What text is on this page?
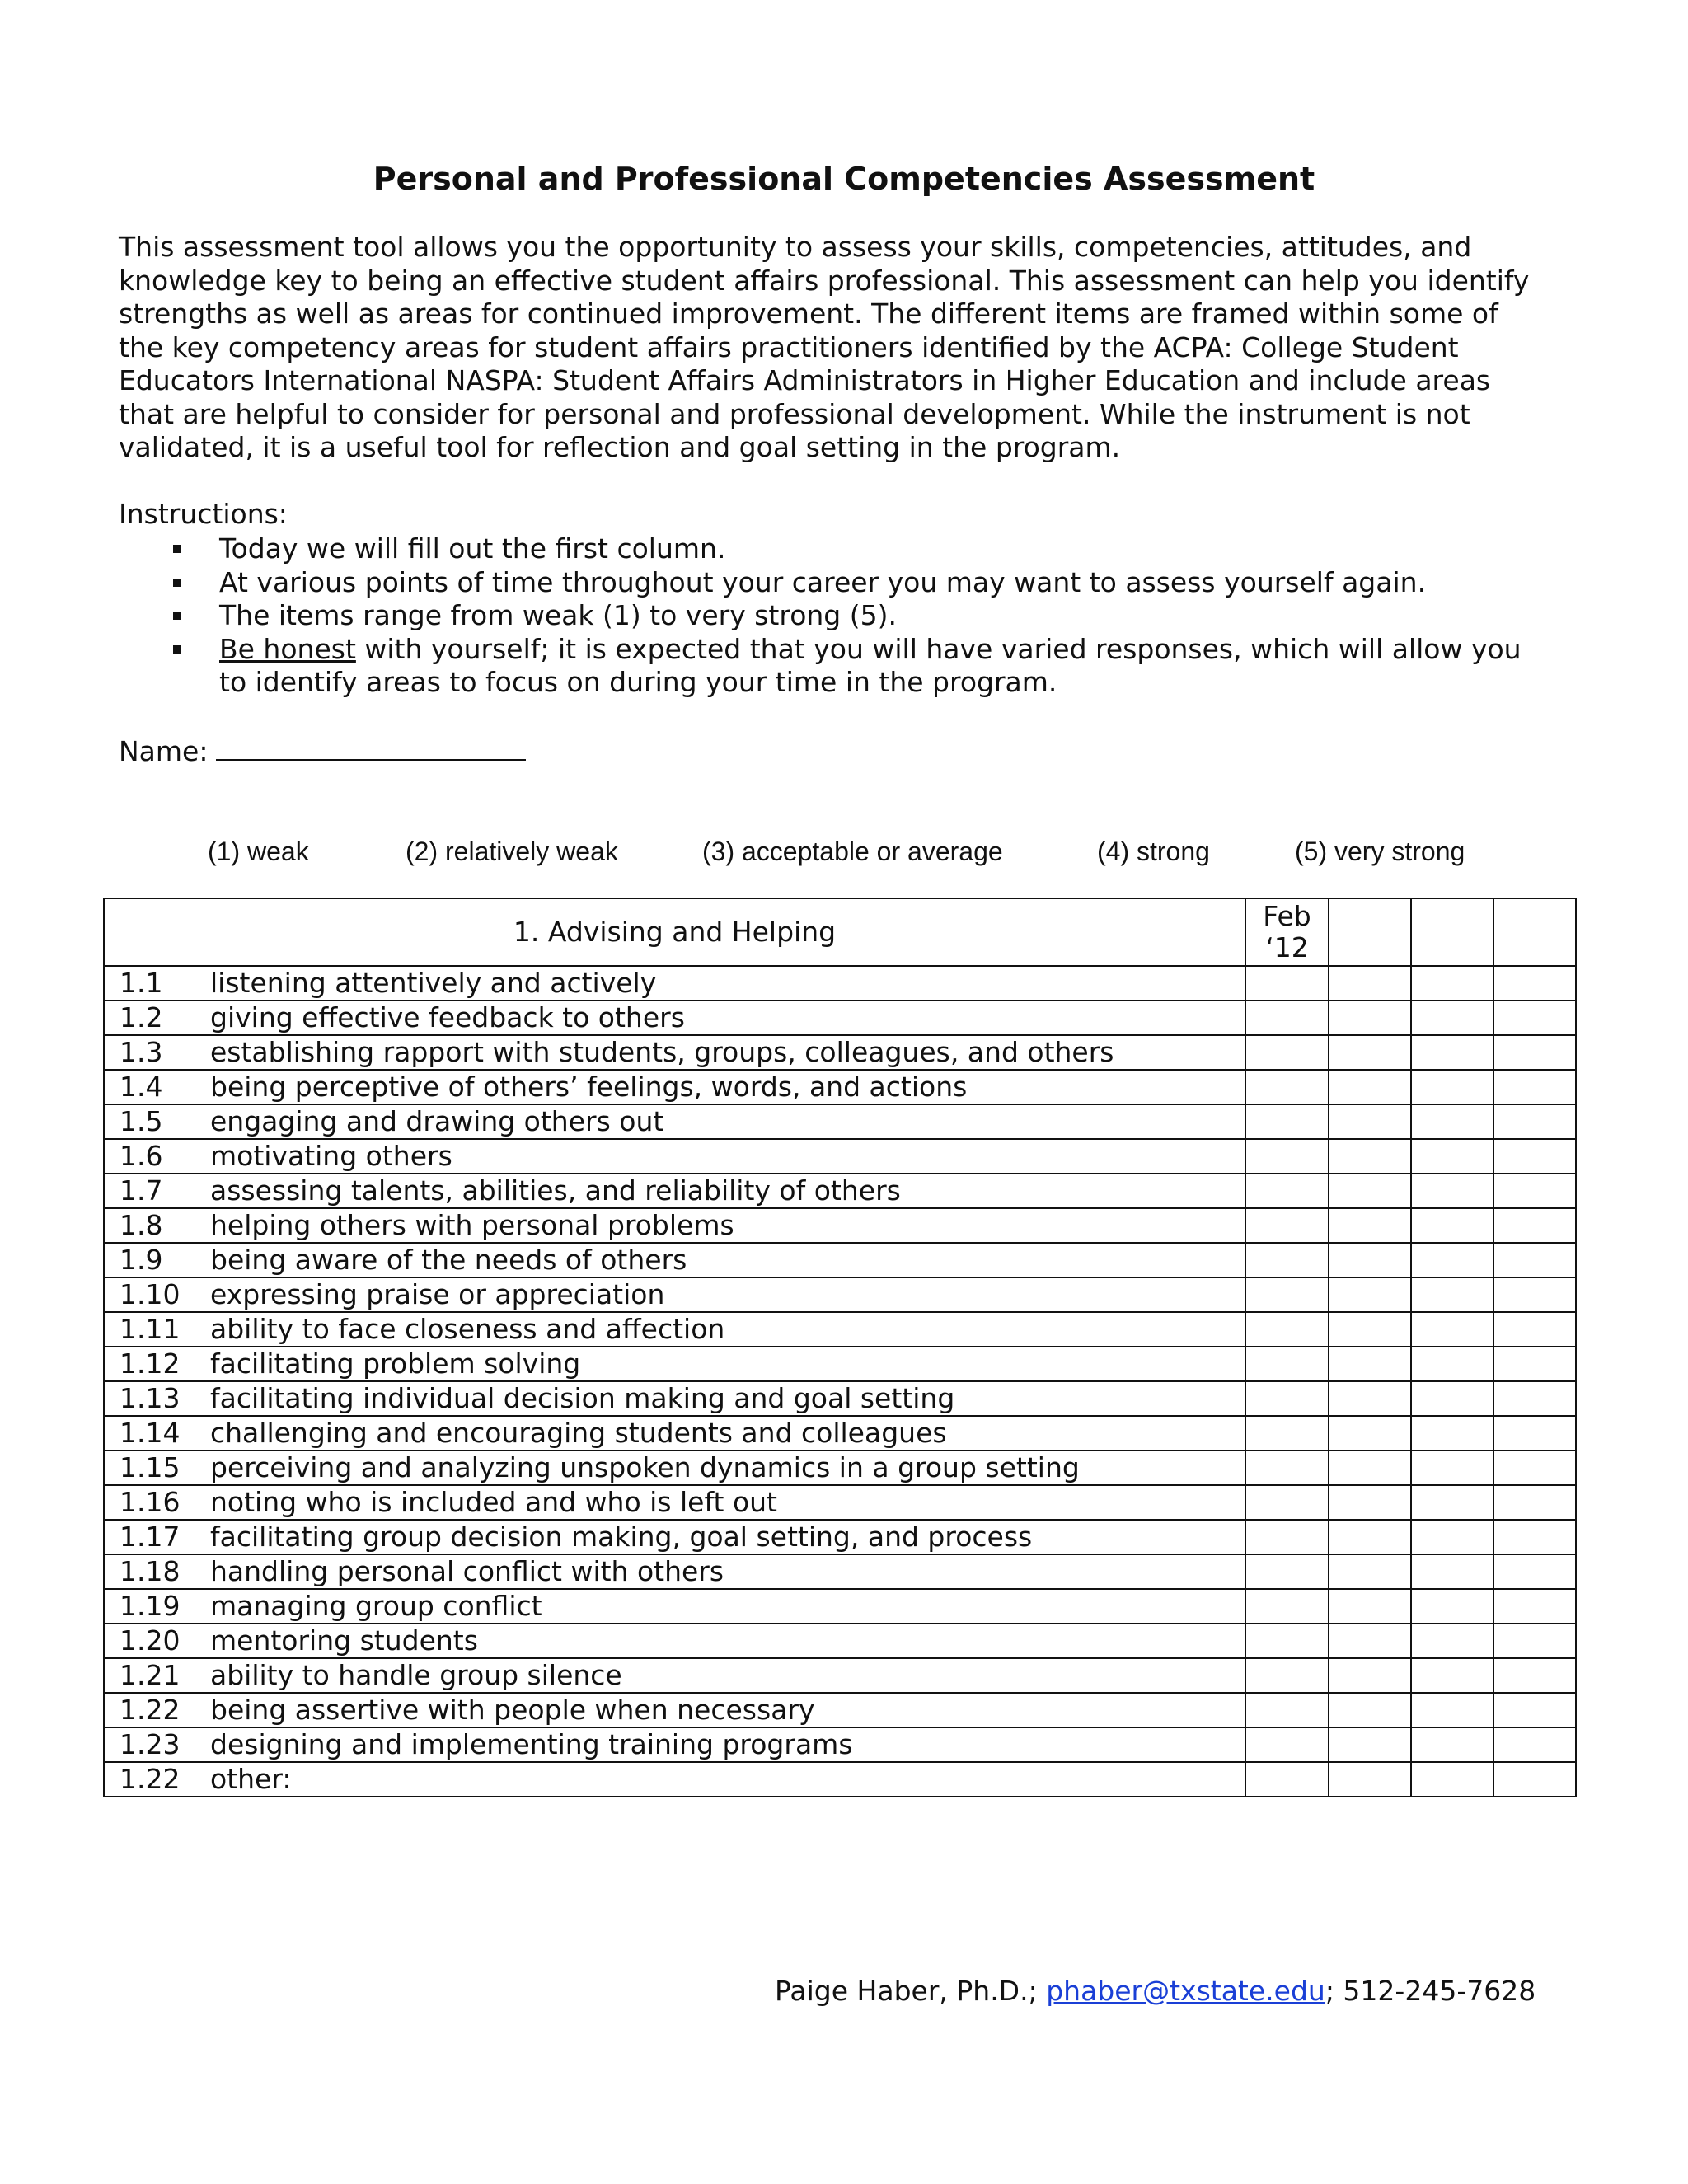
Personal and Professional Competencies Assessment
This assessment tool allows you the opportunity to assess your skills, competencies, attitudes, and
knowledge key to being an effective student affairs professional. This assessment can help you identify
strengths as well as areas for continued improvement. The different items are framed within some of
the key competency areas for student affairs practitioners identified by the ACPA: College Student
Educators International NASPA: Student Affairs Administrators in Higher Education and include areas
that are helpful to consider for personal and professional development. While the instrument is not
validated, it is a useful tool for reflection and goal setting in the program.
Instructions:
Today we will fill out the first column.
At various points of time throughout your career you may want to assess yourself again.
The items range from weak (1) to very strong (5).
Be honest with yourself; it is expected that you will have varied responses, which will allow you
to identify areas to focus on during your time in the program.
Name:
(1) weak	(2) relatively weak	(3) acceptable or average	(4) strong	(5) very strong
1. Advising and Helping	Feb
‘12			

1.1 listening attentively and actively				
1.2 giving effective feedback to others				
1.3 establishing rapport with students, groups, colleagues, and others				
1.4 being perceptive of others’ feelings, words, and actions				
1.5 engaging and drawing others out				
1.6 motivating others				
1.7 assessing talents, abilities, and reliability of others				
1.8 helping others with personal problems				
1.9 being aware of the needs of others				
1.10 expressing praise or appreciation				
1.11 ability to face closeness and affection				
1.12 facilitating problem solving				
1.13 facilitating individual decision making and goal setting				
1.14 challenging and encouraging students and colleagues				
1.15 perceiving and analyzing unspoken dynamics in a group setting				
1.16 noting who is included and who is left out				
1.17 facilitating group decision making, goal setting, and process				
1.18 handling personal conflict with others				
1.19 managing group conflict				
1.20 mentoring students				
1.21 ability to handle group silence				
1.22 being assertive with people when necessary				
1.23 designing and implementing training programs				
1.22 other:				
Paige Haber, Ph.D.; phaber@txstate.edu; 512-245-7628
